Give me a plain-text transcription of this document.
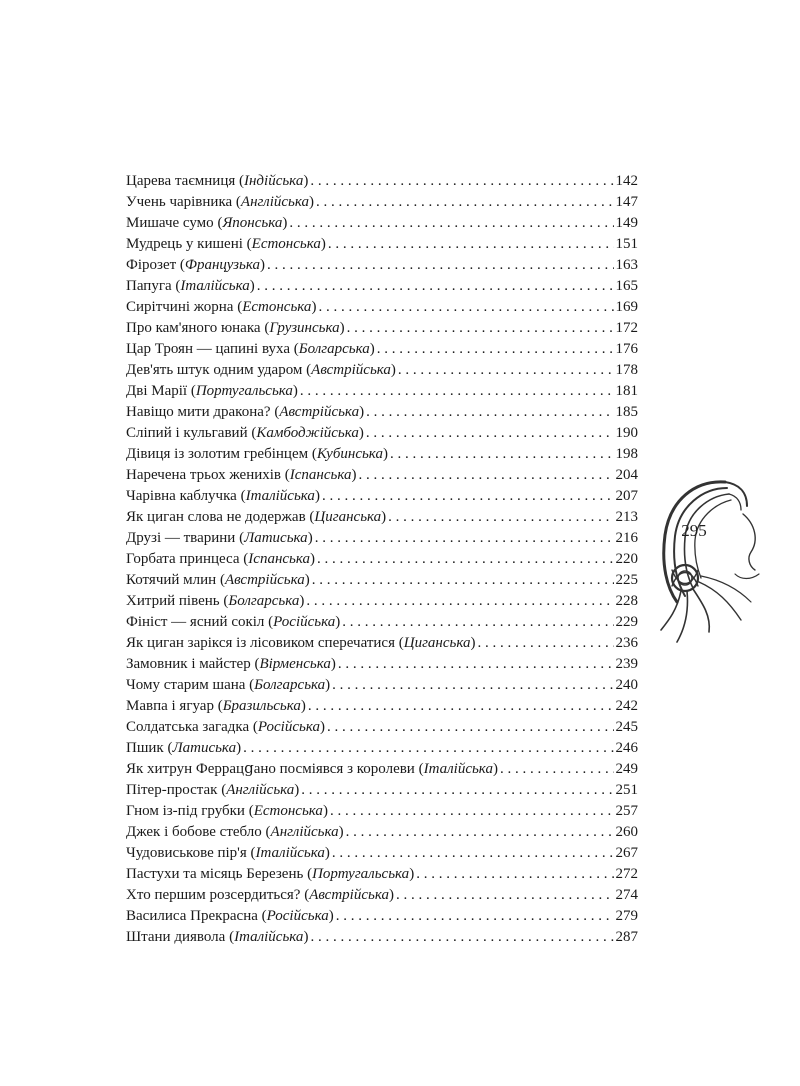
Царева таємниця (Індійська) . . .	142
Учень чарівника (Англійська) . . .	147
Мишаче сумо (Японська) . . .	149
Мудрець у кишені (Естонська) . . .	151
Фірозет (Французька) . . .	163
Папуга (Італійська) . . .	165
Сирітчині жорна (Естонська) . . .	169
Про кам'яного юнака (Грузинська) . . .	172
Цар Троян — цапині вуха (Болгарська) . . .	176
Дев'ять штук одним ударом (Австрійська) . . .	178
Дві Марії (Португальська) . . .	181
Навіщо мити дракона? (Австрійська) . . .	185
Сліпий і кульгавий (Камбоджійська) . . .	190
Дівиця із золотим гребінцем (Кубинська) . . .	198
Наречена трьох женихів (Іспанська) . . .	204
Чарівна каблучка (Італійська) . . .	207
Як циган слова не додержав (Циганська) . . .	213
Друзі — тварини (Латиська) . . .	216
Горбата принцеса (Іспанська) . . .	220
Котячий млин (Австрійська) . . .	225
Хитрий півень (Болгарська) . . .	228
Фініст — ясний сокіл (Російська) . . .	229
Як циган зарікся із лісовиком сперечатися (Циганська) . . .	236
Замовник і майстер (Вірменська) . . .	239
Чому старим шана (Болгарська) . . .	240
Мавпа і ягуар (Бразильська) . . .	242
Солдатська загадка (Російська) . . .	245
Пшик (Латиська) . . .	246
Як хитрун Феррацցано посміявся з королеви (Італійська) . . .	249
Пітер-простак (Англійська) . . .	251
Гном із-під грубки (Естонська) . . .	257
Джек і бобове стебло (Англійська) . . .	260
Чудовиськове пір'я (Італійська) . . .	267
Пастухи та місяць Березень (Португальська) . . .	272
Хто першим розсердиться? (Австрійська) . . .	274
Василиса Прекрасна (Російська) . . .	279
Штани диявола (Італійська) . . .	287
295
